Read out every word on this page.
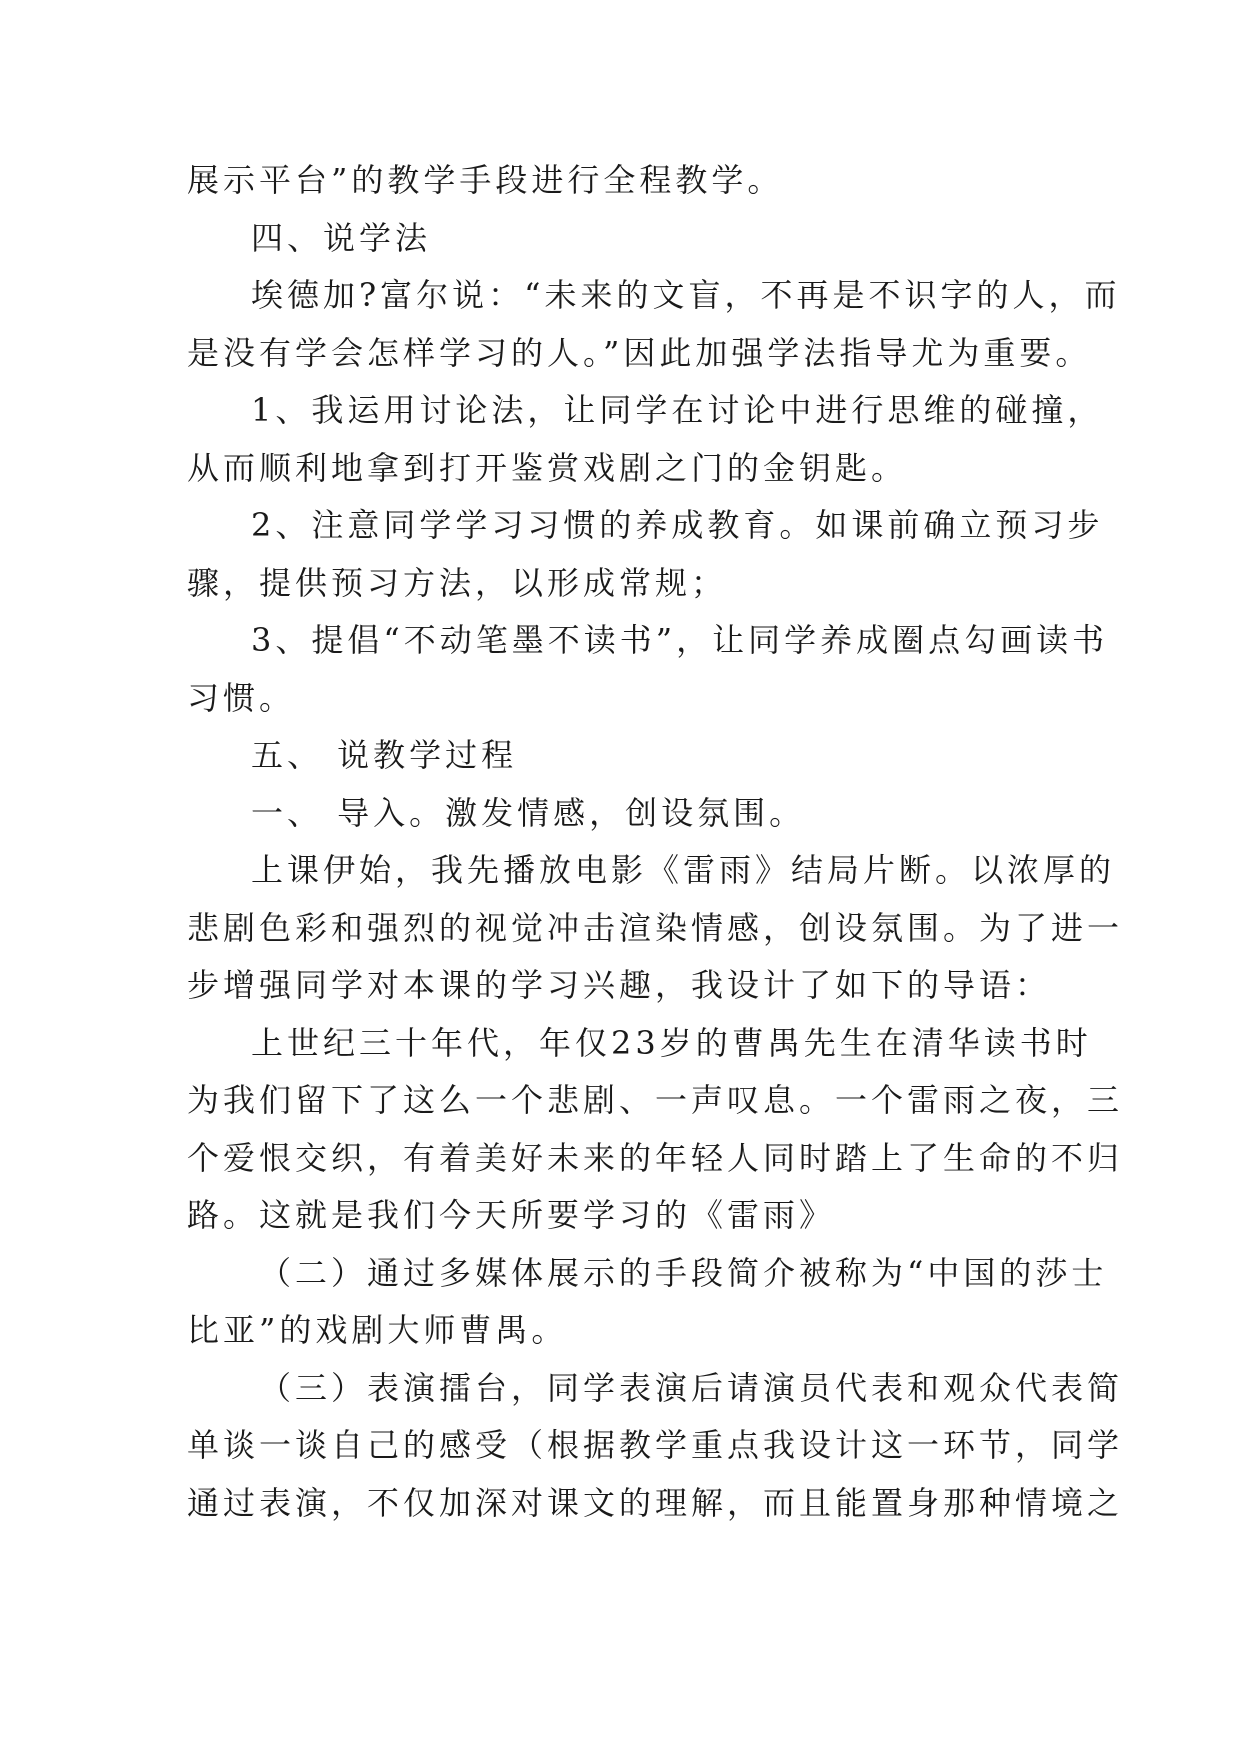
展示平台”的教学手段进行全程教学。
四、说学法
埃德加?富尔说：“未来的文盲，不再是不识字的人，而
是没有学会怎样学习的人。”因此加强学法指导尤为重要。
1、我运用讨论法，让同学在讨论中进行思维的碰撞，
从而顺利地拿到打开鉴赏戏剧之门的金钥匙。
2、注意同学学习习惯的养成教育。如课前确立预习步
骤，提供预习方法，以形成常规；
3、提倡“不动笔墨不读书”，让同学养成圈点勾画读书
习惯。
五、 说教学过程
一、 导入。激发情感，创设氛围。
上课伊始，我先播放电影《雷雨》结局片断。以浓厚的
悲剧色彩和强烈的视觉冲击渲染情感，创设氛围。为了进一
步增强同学对本课的学习兴趣，我设计了如下的导语：
上世纪三十年代，年仅23岁的曹禺先生在清华读书时
为我们留下了这么一个悲剧、一声叹息。一个雷雨之夜，三
个爱恨交织，有着美好未来的年轻人同时踏上了生命的不归
路。这就是我们今天所要学习的《雷雨》
（二）通过多媒体展示的手段简介被称为“中国的莎士
比亚”的戏剧大师曹禺。
（三）表演擂台，同学表演后请演员代表和观众代表简
单谈一谈自己的感受（根据教学重点我设计这一环节，同学
通过表演，不仅加深对课文的理解，而且能置身那种情境之
